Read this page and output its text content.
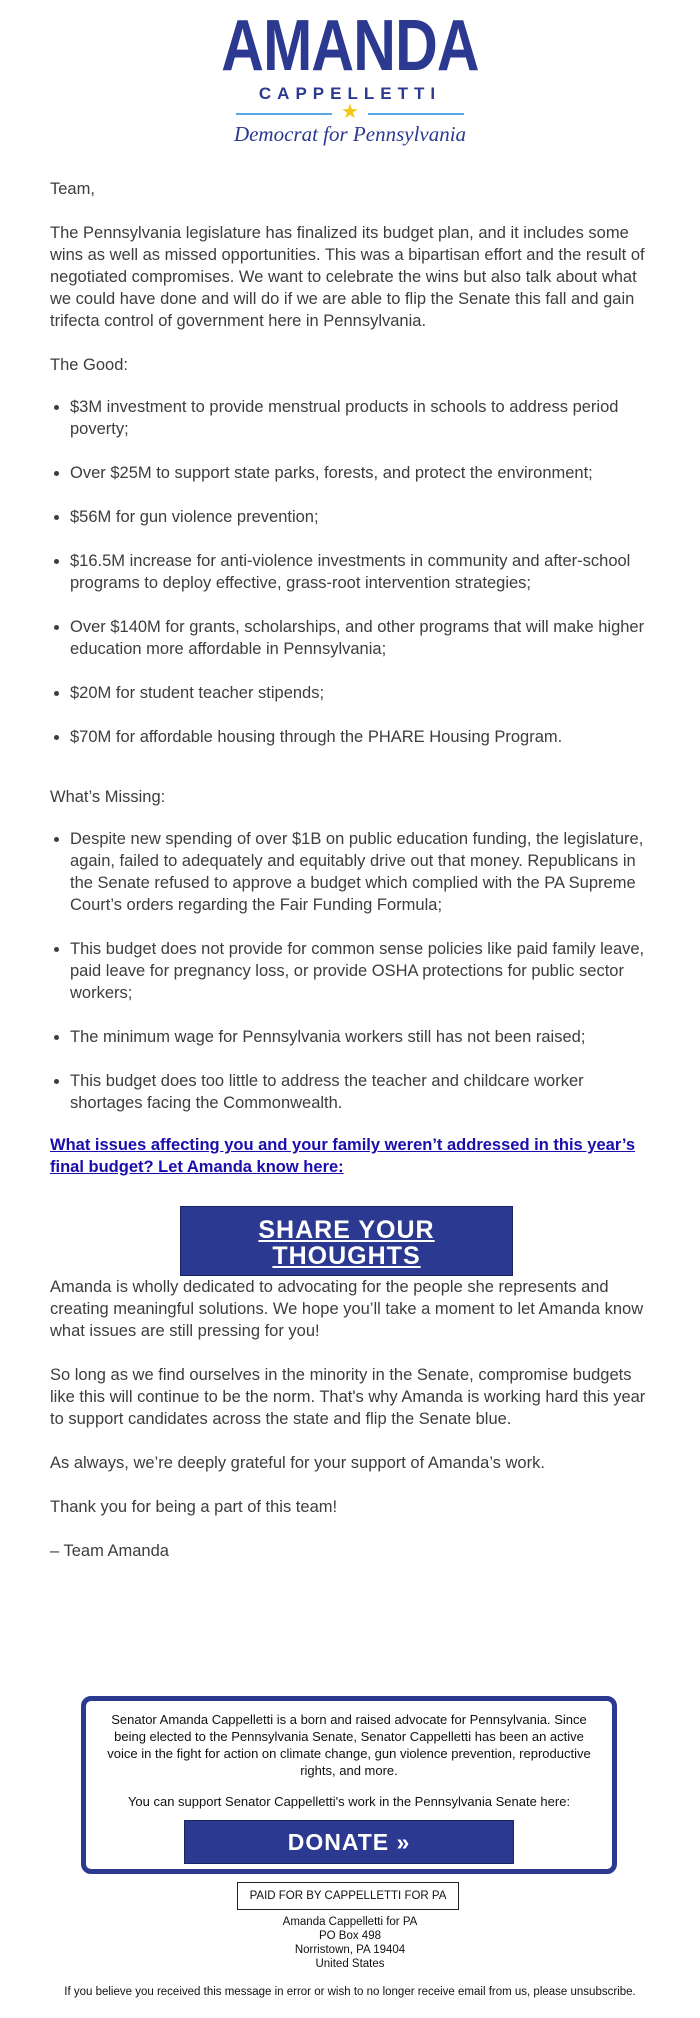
AMANDA
CAPPELLETTI
★
Democrat for Pennsylvania

Team,

The Pennsylvania legislature has finalized its budget plan, and it includes some wins as well as missed opportunities. This was a bipartisan effort and the result of negotiated compromises. We want to celebrate the wins but also talk about what we could have done and will do if we are able to flip the Senate this fall and gain trifecta control of government here in Pennsylvania.

The Good:

• $3M investment to provide menstrual products in schools to address period poverty;
• Over $25M to support state parks, forests, and protect the environment;
• $56M for gun violence prevention;
• $16.5M increase for anti-violence investments in community and after-school programs to deploy effective, grass-root intervention strategies;
• Over $140M for grants, scholarships, and other programs that will make higher education more affordable in Pennsylvania;
• $20M for student teacher stipends;
• $70M for affordable housing through the PHARE Housing Program.

What’s Missing:

• Despite new spending of over $1B on public education funding, the legislature, again, failed to adequately and equitably drive out that money. Republicans in the Senate refused to approve a budget which complied with the PA Supreme Court’s orders regarding the Fair Funding Formula;
• This budget does not provide for common sense policies like paid family leave, paid leave for pregnancy loss, or provide OSHA protections for public sector workers;
• The minimum wage for Pennsylvania workers still has not been raised;
• This budget does too little to address the teacher and childcare worker shortages facing the Commonwealth.
What issues affecting you and your family weren’t addressed in this year’s final budget? Let Amanda know here:
SHARE YOUR THOUGHTS

Amanda is wholly dedicated to advocating for the people she represents and creating meaningful solutions. We hope you’ll take a moment to let Amanda know what issues are still pressing for you!

So long as we find ourselves in the minority in the Senate, compromise budgets like this will continue to be the norm. That's why Amanda is working hard this year to support candidates across the state and flip the Senate blue.

As always, we’re deeply grateful for your support of Amanda’s work.

Thank you for being a part of this team!

– Team Amanda

Senator Amanda Cappelletti is a born and raised advocate for Pennsylvania. Since being elected to the Pennsylvania Senate, Senator Cappelletti has been an active voice in the fight for action on climate change, gun violence prevention, reproductive rights, and more.

You can support Senator Cappelletti's work in the Pennsylvania Senate here:

DONATE »
PAID FOR BY CAPPELLETTI FOR PA
Amanda Cappelletti for PA
PO Box 498
Norristown, PA 19404
United States
If you believe you received this message in error or wish to no longer receive email from us, please unsubscribe.
